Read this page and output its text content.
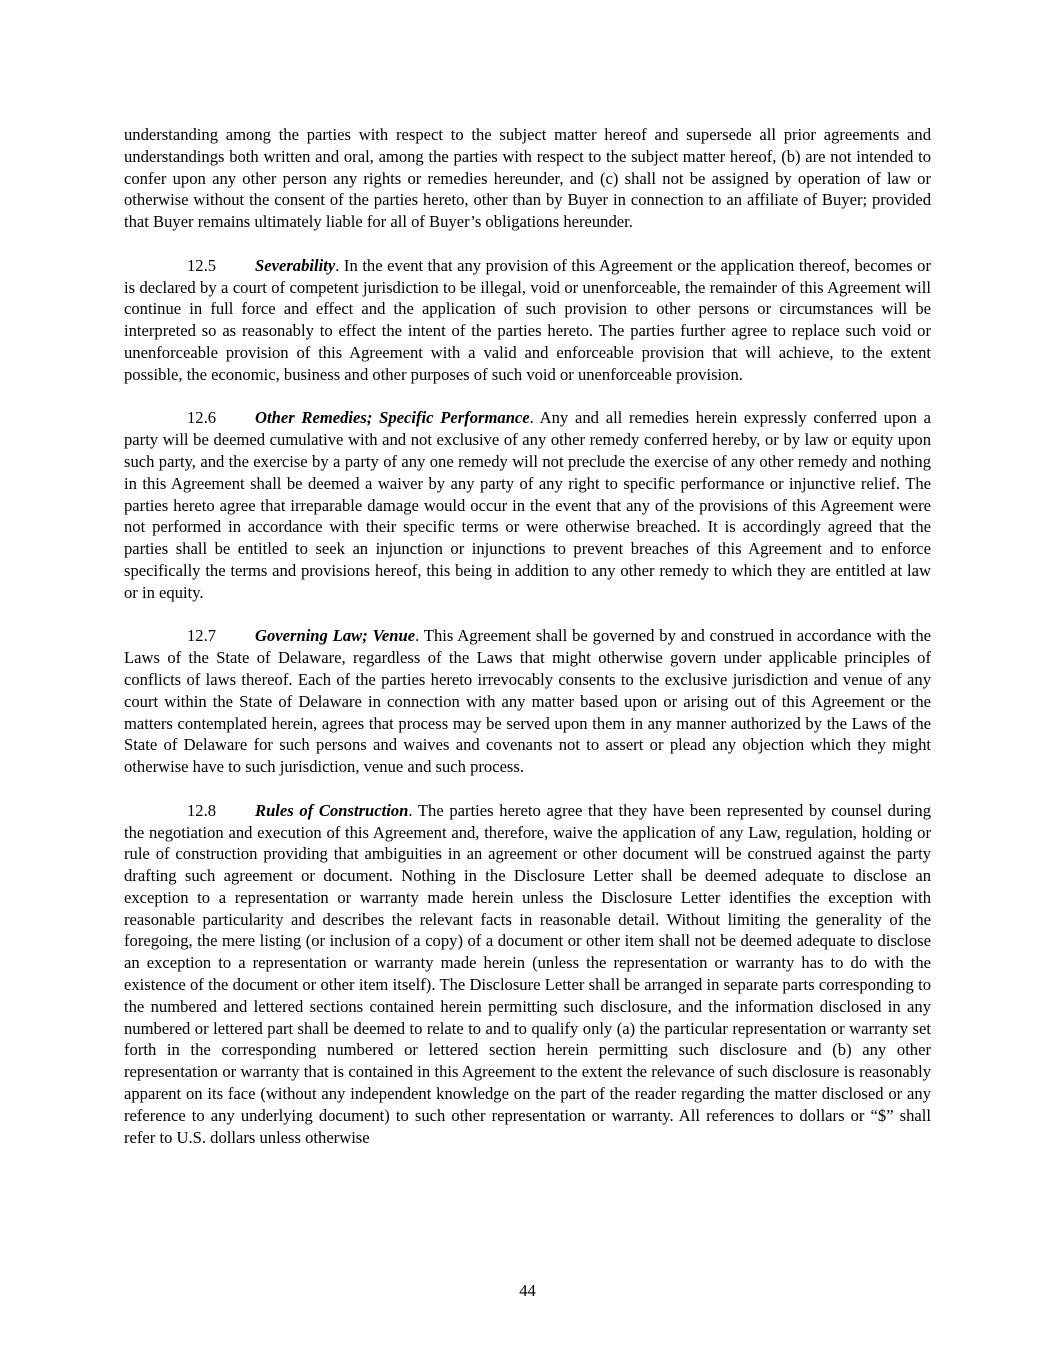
understanding among the parties with respect to the subject matter hereof and supersede all prior agreements and understandings both written and oral, among the parties with respect to the subject matter hereof, (b) are not intended to confer upon any other person any rights or remedies hereunder, and (c) shall not be assigned by operation of law or otherwise without the consent of the parties hereto, other than by Buyer in connection to an affiliate of Buyer; provided that Buyer remains ultimately liable for all of Buyer’s obligations hereunder.

12.5 Severability. In the event that any provision of this Agreement or the application thereof, becomes or is declared by a court of competent jurisdiction to be illegal, void or unenforceable, the remainder of this Agreement will continue in full force and effect and the application of such provision to other persons or circumstances will be interpreted so as reasonably to effect the intent of the parties hereto. The parties further agree to replace such void or unenforceable provision of this Agreement with a valid and enforceable provision that will achieve, to the extent possible, the economic, business and other purposes of such void or unenforceable provision.

12.6 Other Remedies; Specific Performance. Any and all remedies herein expressly conferred upon a party will be deemed cumulative with and not exclusive of any other remedy conferred hereby, or by law or equity upon such party, and the exercise by a party of any one remedy will not preclude the exercise of any other remedy and nothing in this Agreement shall be deemed a waiver by any party of any right to specific performance or injunctive relief. The parties hereto agree that irreparable damage would occur in the event that any of the provisions of this Agreement were not performed in accordance with their specific terms or were otherwise breached. It is accordingly agreed that the parties shall be entitled to seek an injunction or injunctions to prevent breaches of this Agreement and to enforce specifically the terms and provisions hereof, this being in addition to any other remedy to which they are entitled at law or in equity.

12.7 Governing Law; Venue. This Agreement shall be governed by and construed in accordance with the Laws of the State of Delaware, regardless of the Laws that might otherwise govern under applicable principles of conflicts of laws thereof. Each of the parties hereto irrevocably consents to the exclusive jurisdiction and venue of any court within the State of Delaware in connection with any matter based upon or arising out of this Agreement or the matters contemplated herein, agrees that process may be served upon them in any manner authorized by the Laws of the State of Delaware for such persons and waives and covenants not to assert or plead any objection which they might otherwise have to such jurisdiction, venue and such process.

12.8 Rules of Construction. The parties hereto agree that they have been represented by counsel during the negotiation and execution of this Agreement and, therefore, waive the application of any Law, regulation, holding or rule of construction providing that ambiguities in an agreement or other document will be construed against the party drafting such agreement or document. Nothing in the Disclosure Letter shall be deemed adequate to disclose an exception to a representation or warranty made herein unless the Disclosure Letter identifies the exception with reasonable particularity and describes the relevant facts in reasonable detail. Without limiting the generality of the foregoing, the mere listing (or inclusion of a copy) of a document or other item shall not be deemed adequate to disclose an exception to a representation or warranty made herein (unless the representation or warranty has to do with the existence of the document or other item itself). The Disclosure Letter shall be arranged in separate parts corresponding to the numbered and lettered sections contained herein permitting such disclosure, and the information disclosed in any numbered or lettered part shall be deemed to relate to and to qualify only (a) the particular representation or warranty set forth in the corresponding numbered or lettered section herein permitting such disclosure and (b) any other representation or warranty that is contained in this Agreement to the extent the relevance of such disclosure is reasonably apparent on its face (without any independent knowledge on the part of the reader regarding the matter disclosed or any reference to any underlying document) to such other representation or warranty. All references to dollars or “$” shall refer to U.S. dollars unless otherwise

44
